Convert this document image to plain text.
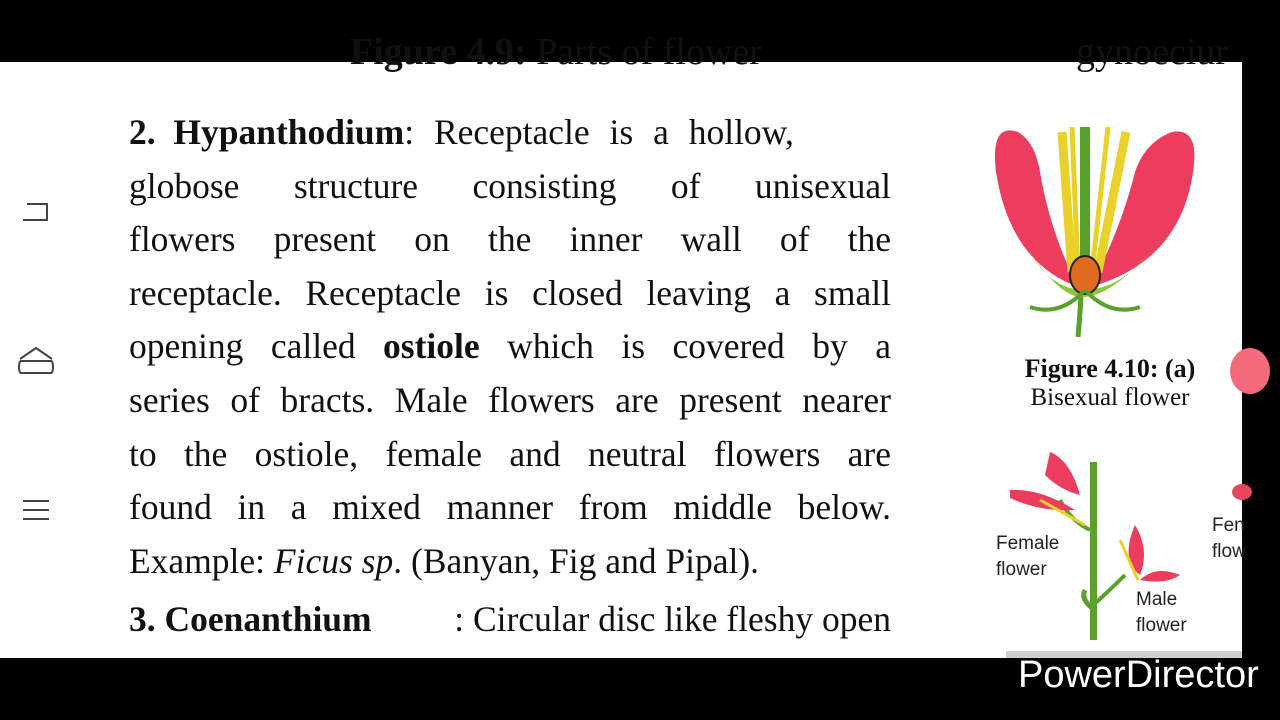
Figure 4.9: Parts of flower	gynoeciur
2.
Hypanthodium : Receptacle is a hollow,
globose structure consisting of unisexual
flowers present on the inner wall of the
receptacle. Receptacle is closed leaving a small
opening called ostiole which is covered by a
series of bracts. Male flowers are present nearer
to the ostiole, female and neutral flowers are
found in a mixed manner from middle below.
Example: Ficus sp . (Banyan, Fig and Pipal).
3. Coenanthium : Circular disc like fleshy open
Figure 4.10: (a)
Bisexual flower
Female
flower
Male
flower
Fen
flow
PowerDirector
